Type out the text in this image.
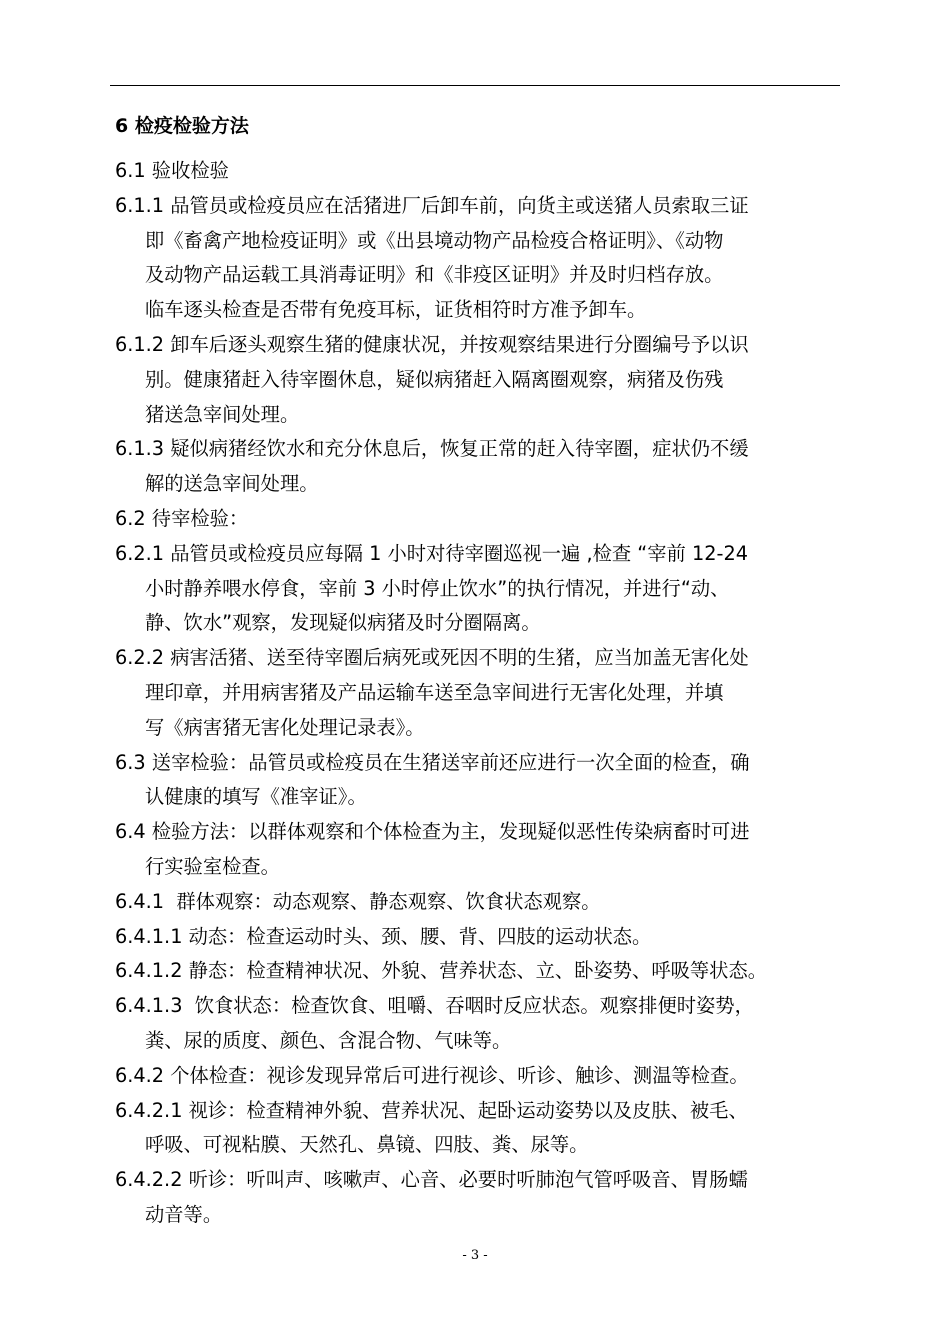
6 检疫检验方法
6.1 验收检验
6.1.1 品管员或检疫员应在活猪进厂后卸车前，向货主或送猪人员索取三证
即《畜禽产地检疫证明》或《出县境动物产品检疫合格证明》、《动物
及动物产品运载工具消毒证明》和《非疫区证明》并及时归档存放。
临车逐头检查是否带有免疫耳标，证货相符时方准予卸车。
6.1.2 卸车后逐头观察生猪的健康状况，并按观察结果进行分圈编号予以识
别。健康猪赶入待宰圈休息，疑似病猪赶入隔离圈观察，病猪及伤残
猪送急宰间处理。
6.1.3 疑似病猪经饮水和充分休息后，恢复正常的赶入待宰圈，症状仍不缓
解的送急宰间处理。
6.2 待宰检验：
6.2.1 品管员或检疫员应每隔 1 小时对待宰圈巡视一遍 ,检查 “宰前 12-24
小时静养喂水停食，宰前 3 小时停止饮水”的执行情况，并进行“动、
静、饮水”观察，发现疑似病猪及时分圈隔离。
6.2.2 病害活猪、送至待宰圈后病死或死因不明的生猪，应当加盖无害化处
理印章，并用病害猪及产品运输车送至急宰间进行无害化处理，并填
写《病害猪无害化处理记录表》。
6.3 送宰检验：品管员或检疫员在生猪送宰前还应进行一次全面的检查，确
认健康的填写《准宰证》。
6.4 检验方法：以群体观察和个体检查为主，发现疑似恶性传染病畜时可进
行实验室检查。
6.4.1  群体观察：动态观察、静态观察、饮食状态观察。
6.4.1.1 动态：检查运动时头、颈、腰、背、四肢的运动状态。
6.4.1.2 静态：检查精神状况、外貌、营养状态、立、卧姿势、呼吸等状态。
6.4.1.3  饮食状态：检查饮食、咀嚼、吞咽时反应状态。观察排便时姿势，
粪、尿的质度、颜色、含混合物、气味等。
6.4.2 个体检查：视诊发现异常后可进行视诊、听诊、触诊、测温等检查。
6.4.2.1 视诊：检查精神外貌、营养状况、起卧运动姿势以及皮肤、被毛、
呼吸、可视粘膜、天然孔、鼻镜、四肢、粪、尿等。
6.4.2.2 听诊：听叫声、咳嗽声、心音、必要时听肺泡气管呼吸音、胃肠蠕
动音等。
- 3 -
